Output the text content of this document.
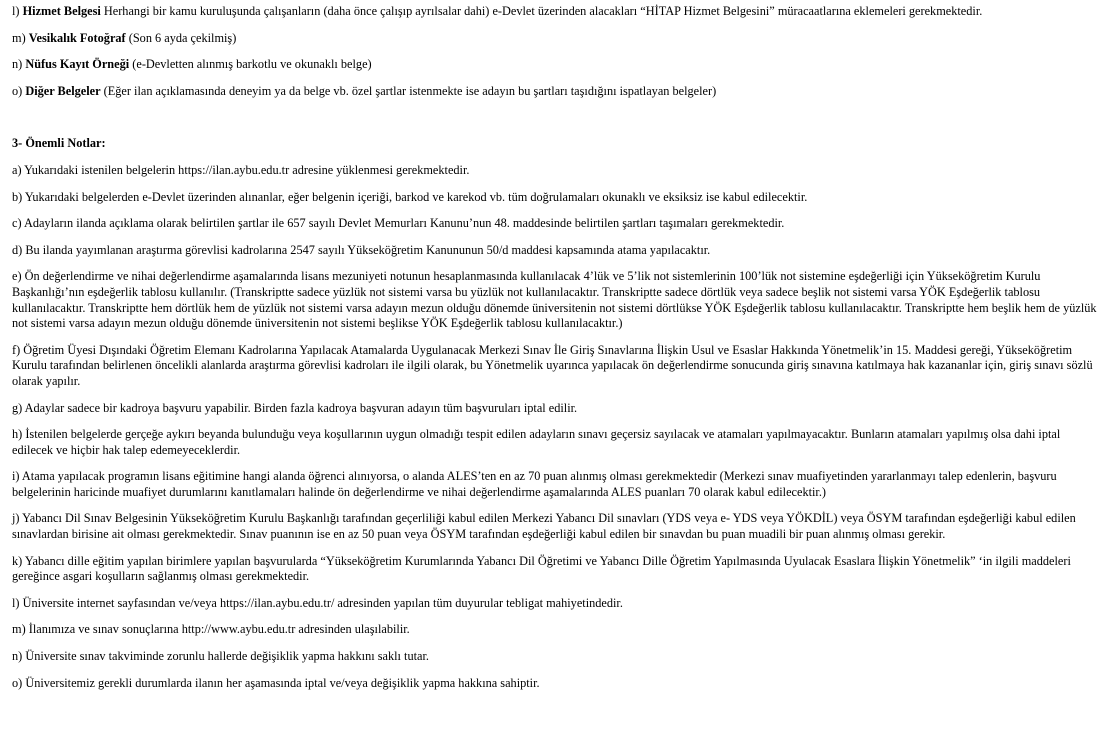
l) Hizmet Belgesi Herhangi bir kamu kuruluşunda çalışanların (daha önce çalışıp ayrılsalar dahi) e-Devlet üzerinden alacakları “HİTAP Hizmet Belgesini” müracaatlarına eklemeleri gerekmektedir.

m) Vesikalık Fotoğraf (Son 6 ayda çekilmiş)

n) Nüfus Kayıt Örneği (e-Devletten alınmış barkotlu ve okunaklı belge)

o) Diğer Belgeler (Eğer ilan açıklamasında deneyim ya da belge vb. özel şartlar istenmekte ise adayın bu şartları taşıdığını ispatlayan belgeler)

3- Önemli Notlar:

a) Yukarıdaki istenilen belgelerin https://ilan.aybu.edu.tr adresine yüklenmesi gerekmektedir.

b) Yukarıdaki belgelerden e-Devlet üzerinden alınanlar, eğer belgenin içeriği, barkod ve karekod vb. tüm doğrulamaları okunaklı ve eksiksiz ise kabul edilecektir.

c) Adayların ilanda açıklama olarak belirtilen şartlar ile 657 sayılı Devlet Memurları Kanunu’nun 48. maddesinde belirtilen şartları taşımaları gerekmektedir.

d) Bu ilanda yayımlanan araştırma görevlisi kadrolarına 2547 sayılı Yükseköğretim Kanununun 50/d maddesi kapsamında atama yapılacaktır.

e) Ön değerlendirme ve nihai değerlendirme aşamalarında lisans mezuniyeti notunun hesaplanmasında kullanılacak 4’lük ve 5’lik not sistemlerinin 100’lük not sistemine eşdeğerliği için Yükseköğretim Kurulu Başkanlığı’nın eşdeğerlik tablosu kullanılır. (Transkriptte sadece yüzlük not sistemi varsa bu yüzlük not kullanılacaktır. Transkriptte sadece dörtlük veya sadece beşlik not sistemi varsa YÖK Eşdeğerlik tablosu kullanılacaktır. Transkriptte hem dörtlük hem de yüzlük not sistemi varsa adayın mezun olduğu dönemde üniversitenin not sistemi dörtlükse YÖK Eşdeğerlik tablosu kullanılacaktır. Transkriptte hem beşlik hem de yüzlük not sistemi varsa adayın mezun olduğu dönemde üniversitenin not sistemi beşlikse YÖK Eşdeğerlik tablosu kullanılacaktır.)

f) Öğretim Üyesi Dışındaki Öğretim Elemanı Kadrolarına Yapılacak Atamalarda Uygulanacak Merkezi Sınav İle Giriş Sınavlarına İlişkin Usul ve Esaslar Hakkında Yönetmelik’in 15. Maddesi gereği, Yükseköğretim Kurulu tarafından belirlenen öncelikli alanlarda araştırma görevlisi kadroları ile ilgili olarak, bu Yönetmelik uyarınca yapılacak ön değerlendirme sonucunda giriş sınavına katılmaya hak kazananlar için, giriş sınavı sözlü olarak yapılır.

g) Adaylar sadece bir kadroya başvuru yapabilir. Birden fazla kadroya başvuran adayın tüm başvuruları iptal edilir.

h) İstenilen belgelerde gerçeğe aykırı beyanda bulunduğu veya koşullarının uygun olmadığı tespit edilen adayların sınavı geçersiz sayılacak ve atamaları yapılmayacaktır. Bunların atamaları yapılmış olsa dahi iptal edilecek ve hiçbir hak talep edemeyeceklerdir.

i) Atama yapılacak programın lisans eğitimine hangi alanda öğrenci alınıyorsa, o alanda ALES’ten en az 70 puan alınmış olması gerekmektedir (Merkezi sınav muafiyetinden yararlanmayı talep edenlerin, başvuru belgelerinin haricinde muafiyet durumlarını kanıtlamaları halinde ön değerlendirme ve nihai değerlendirme aşamalarında ALES puanları 70 olarak kabul edilecektir.)

j) Yabancı Dil Sınav Belgesinin Yükseköğretim Kurulu Başkanlığı tarafından geçerliliği kabul edilen Merkezi Yabancı Dil sınavları (YDS veya e- YDS veya YÖKDİL) veya ÖSYM tarafından eşdeğerliği kabul edilen sınavlardan birisine ait olması gerekmektedir. Sınav puanının ise en az 50 puan veya ÖSYM tarafından eşdeğerliği kabul edilen bir sınavdan bu puan muadili bir puan alınmış olması gerekir.

k) Yabancı dille eğitim yapılan birimlere yapılan başvurularda “Yükseköğretim Kurumlarında Yabancı Dil Öğretimi ve Yabancı Dille Öğretim Yapılmasında Uyulacak Esaslara İlişkin Yönetmelik” ‘in ilgili maddeleri gereğince asgari koşulların sağlanmış olması gerekmektedir.

l) Üniversite internet sayfasından ve/veya https://ilan.aybu.edu.tr/ adresinden yapılan tüm duyurular tebligat mahiyetindedir.

m) İlanımıza ve sınav sonuçlarına http://www.aybu.edu.tr adresinden ulaşılabilir.

n) Üniversite sınav takviminde zorunlu hallerde değişiklik yapma hakkını saklı tutar.

o) Üniversitemiz gerekli durumlarda ilanın her aşamasında iptal ve/veya değişiklik yapma hakkına sahiptir.
